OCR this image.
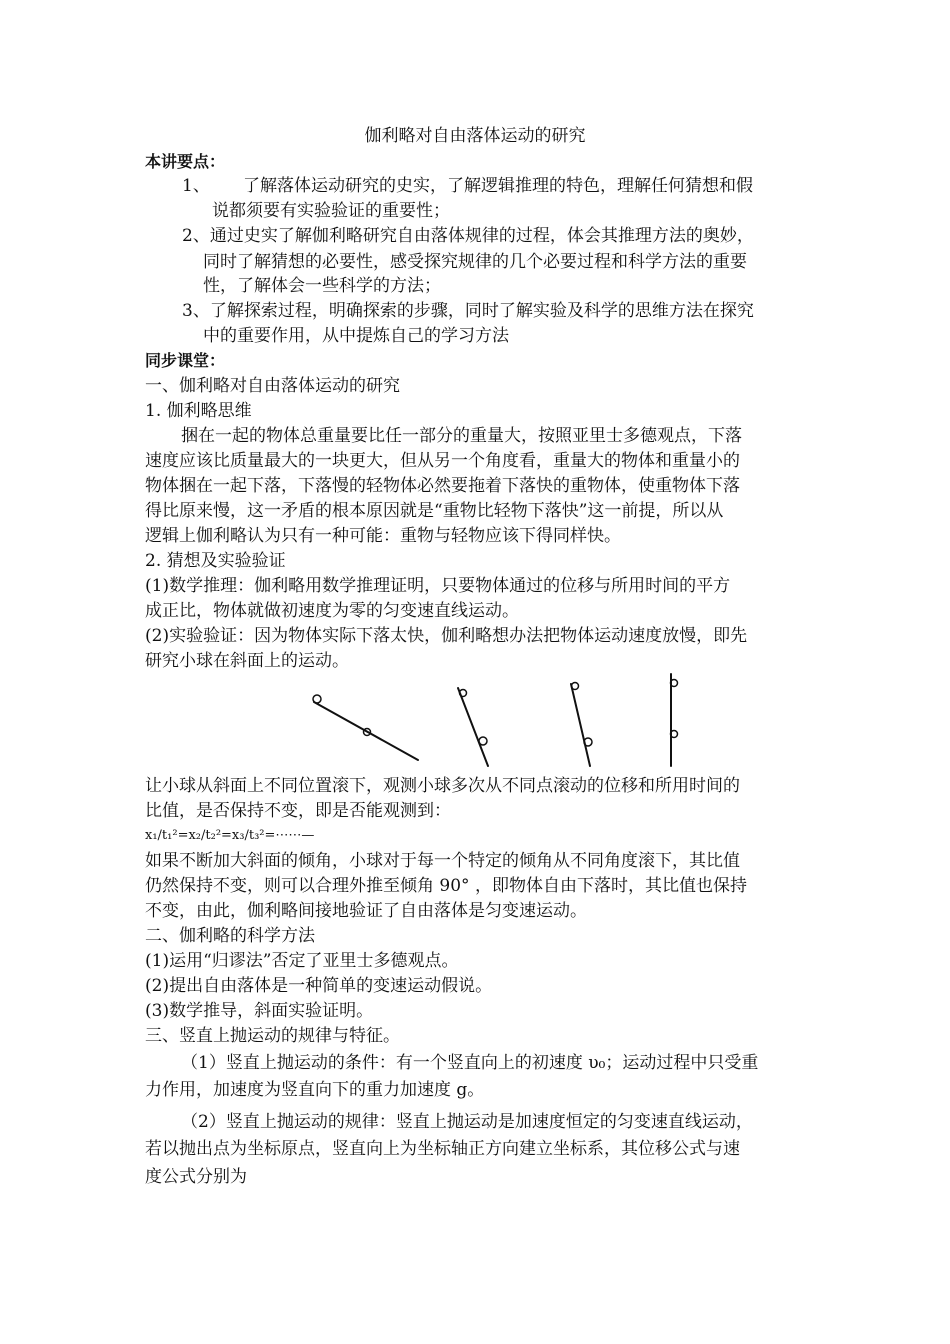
伽利略对自由落体运动的研究
本讲要点：
1、 了解落体运动研究的史实，了解逻辑推理的特色，理解任何猜想和假
说都须要有实验验证的重要性；
2、通过史实了解伽利略研究自由落体规律的过程，体会其推理方法的奥妙，
同时了解猜想的必要性，感受探究规律的几个必要过程和科学方法的重要
性，了解体会一些科学的方法；
3、了解探索过程，明确探索的步骤，同时了解实验及科学的思维方法在探究
中的重要作用，从中提炼自己的学习方法
同步课堂：
一、伽利略对自由落体运动的研究
1. 伽利略思维
捆在一起的物体总重量要比任一部分的重量大，按照亚里士多德观点，下落
速度应该比质量最大的一块更大，但从另一个角度看，重量大的物体和重量小的
物体捆在一起下落，下落慢的轻物体必然要拖着下落快的重物体，使重物体下落
得比原来慢，这一矛盾的根本原因就是“重物比轻物下落快”这一前提，所以从
逻辑上伽利略认为只有一种可能：重物与轻物应该下得同样快。
2. 猜想及实验验证
(1)数学推理：伽利略用数学推理证明，只要物体通过的位移与所用时间的平方
成正比，物体就做初速度为零的匀变速直线运动。
(2)实验验证：因为物体实际下落太快，伽利略想办法把物体运动速度放慢，即先
研究小球在斜面上的运动。
让小球从斜面上不同位置滚下，观测小球多次从不同点滚动的位移和所用时间的
比值，是否保持不变，即是否能观测到：
x₁/t₁²=x₂/t₂²=x₃/t₃²=⋯⋯—
如果不断加大斜面的倾角，小球对于每一个特定的倾角从不同角度滚下，其比值
仍然保持不变，则可以合理外推至倾角 90° ，即物体自由下落时，其比值也保持
不变，由此，伽利略间接地验证了自由落体是匀变速运动。
二、伽利略的科学方法
(1)运用“归谬法”否定了亚里士多德观点。
(2)提出自由落体是一种简单的变速运动假说。
(3)数学推导，斜面实验证明。
三、竖直上抛运动的规律与特征。
（1）竖直上抛运动的条件：有一个竖直向上的初速度 υ₀；运动过程中只受重
力作用，加速度为竖直向下的重力加速度 g。
（2）竖直上抛运动的规律：竖直上抛运动是加速度恒定的匀变速直线运动，
若以抛出点为坐标原点，竖直向上为坐标轴正方向建立坐标系，其位移公式与速
度公式分别为
